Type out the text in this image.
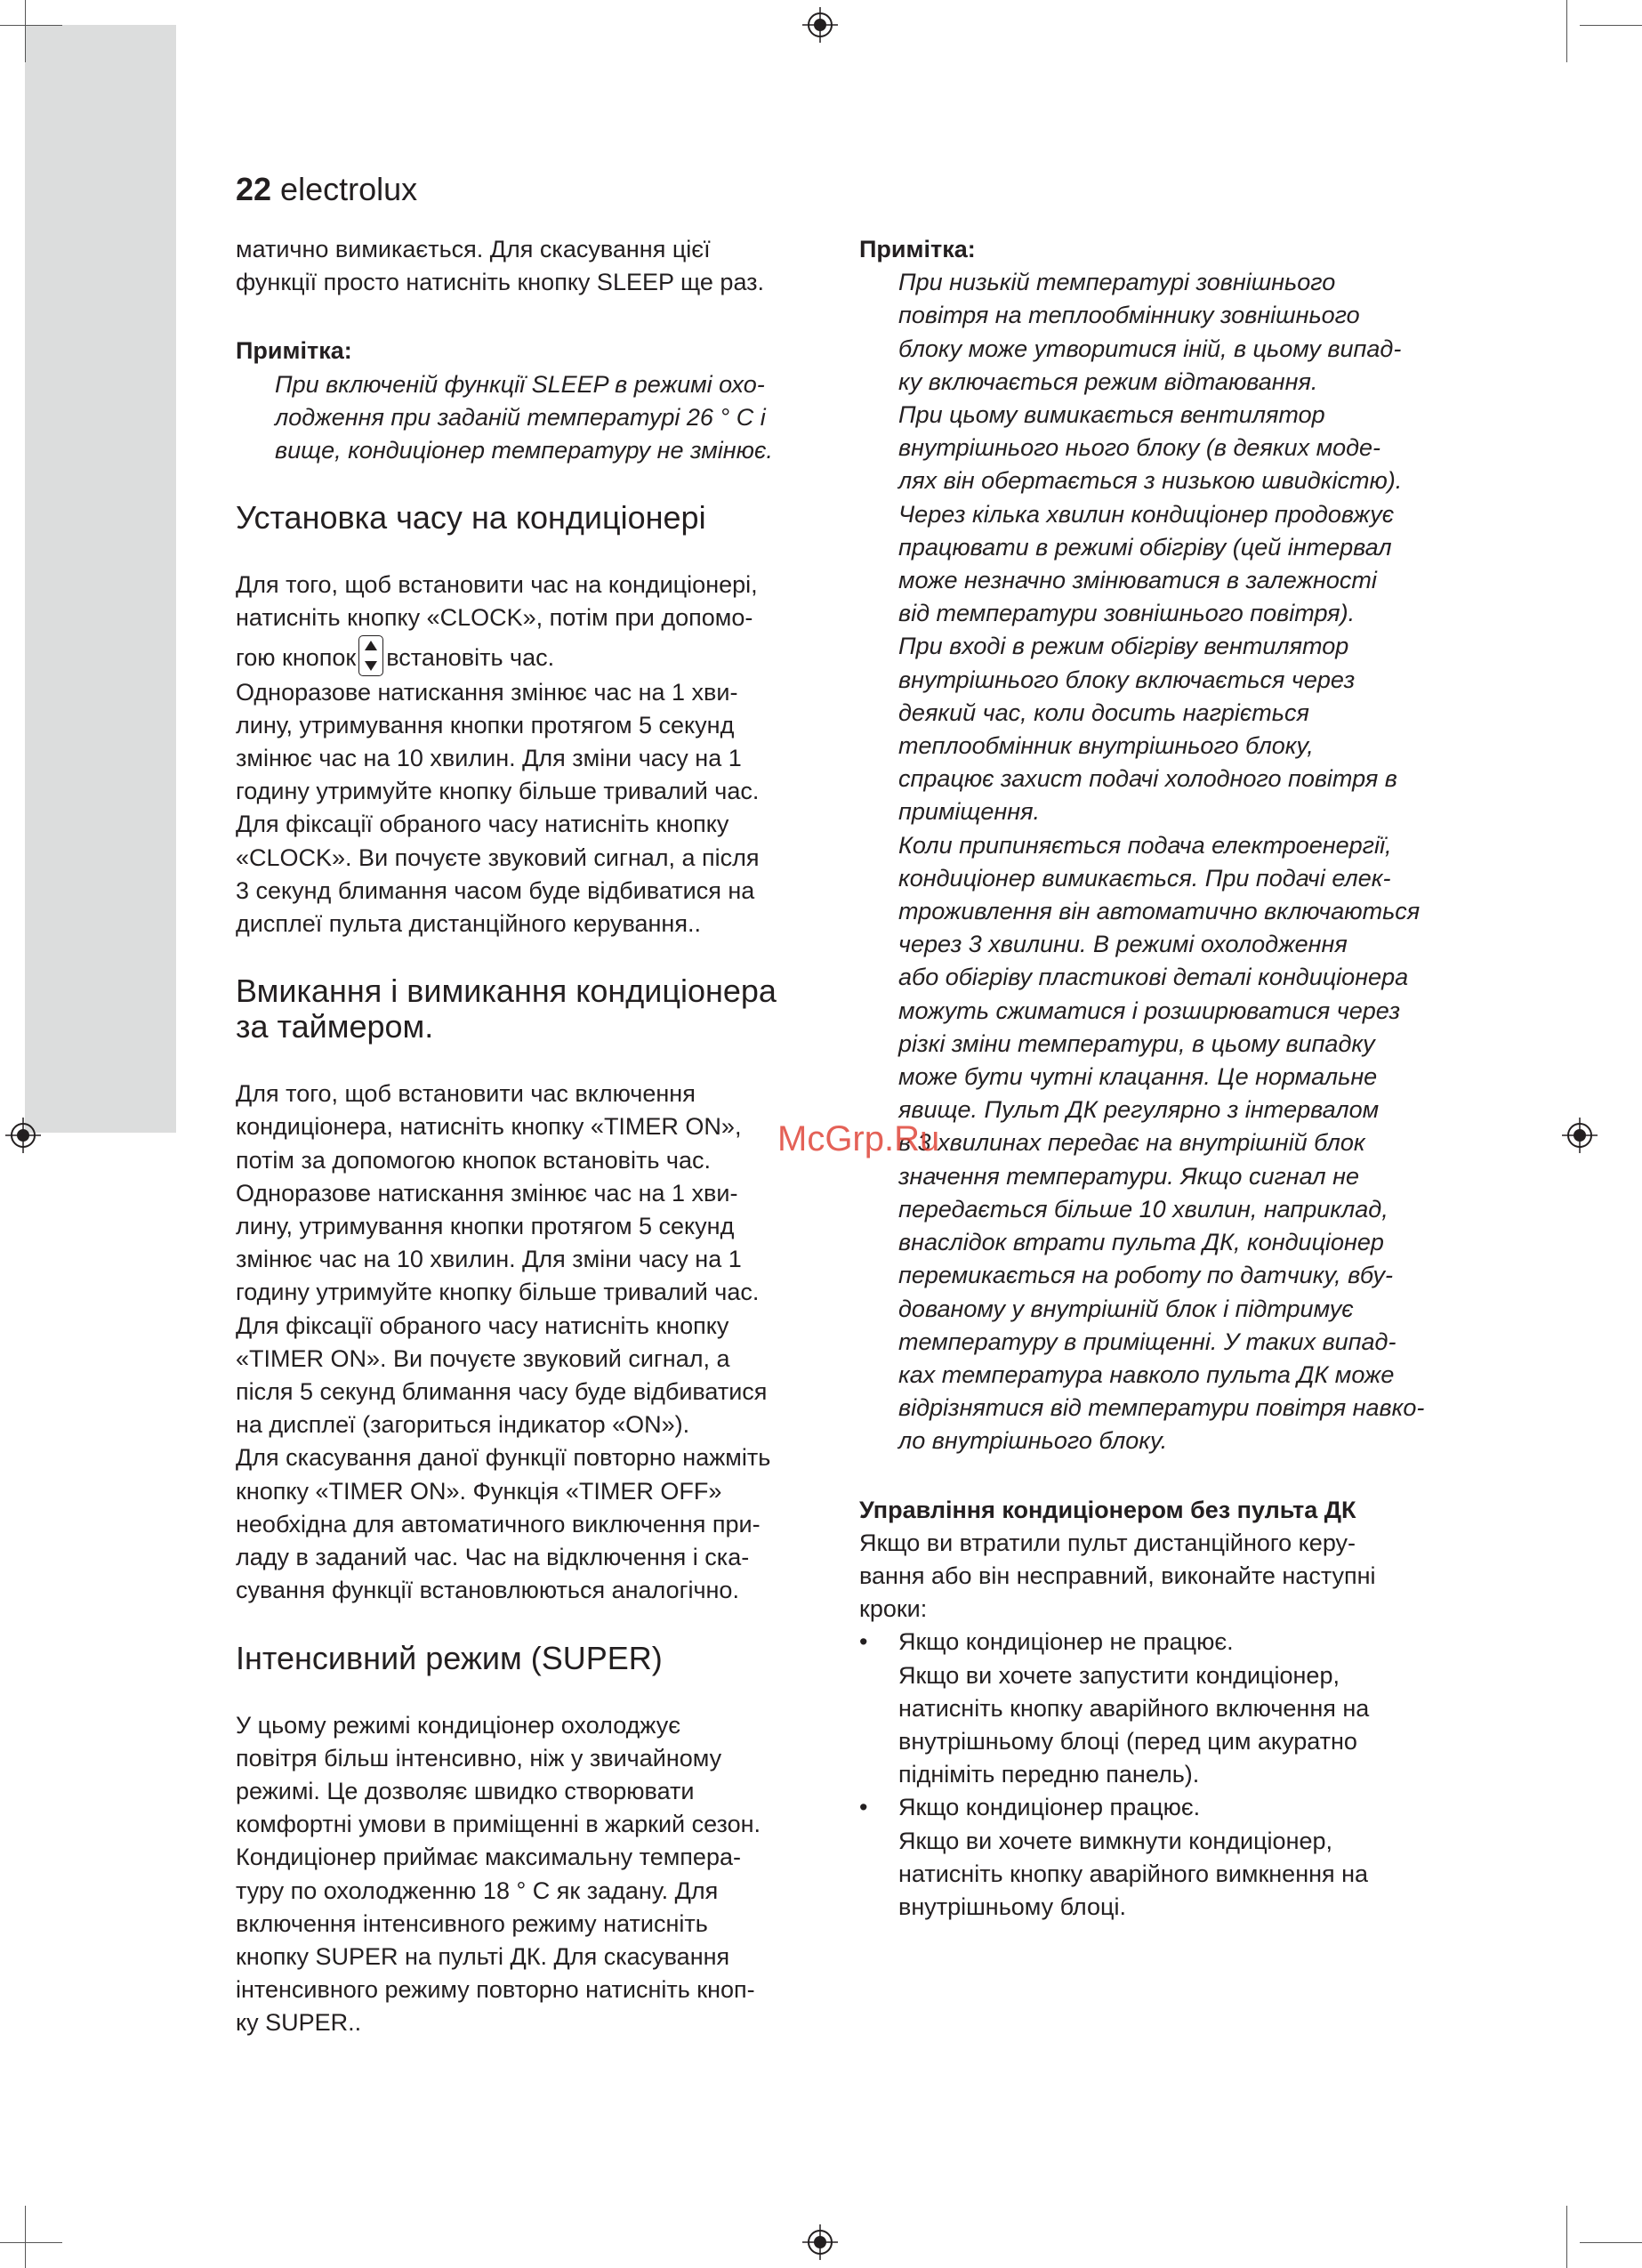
22 electrolux

матично вимикається. Для скасування цієї
функції просто натисніть кнопку SLEEP ще раз.

Примітка:

При включеній функції SLEEP в режимі охо-
лодження при заданій температурі 26 ° С і
вище, кондиціонер температуру не змінює.

Установка часу на кондиціонері

Для того, щоб встановити час на кондиціонері,
натисніть кнопку «CLOCK», потім при допомо-
гою кнопок встановіть час.

Одноразове натискання змінює час на 1 хви-
лину, утримування кнопки протягом 5 секунд
змінює час на 10 хвилин. Для зміни часу на 1
годину утримуйте кнопку більше тривалий час.
Для фіксації обраного часу натисніть кнопку
«CLOCK». Ви почуєте звуковий сигнал, а після
3 секунд блимання часом буде відбиватися на
дисплеї пульта дистанційного керування..

Вмикання і вимикання кондиціонера
за таймером.

Для того, щоб встановити час включення
кондиціонера, натисніть кнопку «TIMER ON»,
потім за допомогою кнопок встановіть час.
Одноразове натискання змінює час на 1 хви-
лину, утримування кнопки протягом 5 секунд
змінює час на 10 хвилин. Для зміни часу на 1
годину утримуйте кнопку більше тривалий час.
Для фіксації обраного часу натисніть кнопку
«TIMER ON». Ви почуєте звуковий сигнал, а
після 5 секунд блимання часу буде відбиватися
на дисплеї (загориться індикатор «ON»).
Для скасування даної функції повторно нажміть
кнопку «TIMER ON». Функція «TIMER OFF»
необхідна для автоматичного виключення при-
ладу в заданий час. Час на відключення і ска-
сування функції встановлюються аналогічно.

Інтенсивний режим (SUPER)

У цьому режимі кондиціонер охолоджує
повітря більш інтенсивно, ніж у звичайному
режимі. Це дозволяє швидко створювати
комфортні умови в приміщенні в жаркий сезон.
Кондиціонер приймає максимальну темпера-
туру по охолодженню 18 ° С як задану. Для
включення інтенсивного режиму натисніть
кнопку SUPER на пульті ДК. Для скасування
інтенсивного режиму повторно натисніть кноп-
ку SUPER..

Примітка:

При низькій температурі зовнішнього
повітря на теплообміннику зовнішнього
блоку може утворитися іній, в цьому випад-
ку включається режим відтаювання.
При цьому вимикається вентилятор
внутрішнього нього блоку (в деяких моде-
лях він обертається з низькою швидкістю).
Через кілька хвилин кондиціонер продовжує
працювати в режимі обігріву (цей інтервал
може незначно змінюватися в залежності
від температури зовнішнього повітря).
При вході в режим обігріву вентилятор
внутрішнього блоку включається через
деякий час, коли досить нагріється
теплообмінник внутрішнього блоку,
спрацює захист подачі холодного повітря в
приміщення.
Коли припиняється подача електроенергії,
кондиціонер вимикається. При подачі елек-
троживлення він автоматично включаються
через 3 хвилини. В режимі охолодження
або обігріву пластикові деталі кондиціонера
можуть сжиматися і розширюватися через
різкі зміни температури, в цьому випадку
може бути чутні клацання. Це нормальне
явище. Пульт ДК регулярно з інтервалом
в 3 хвилинах передає на внутрішній блок
значення температури. Якщо сигнал не
передається більше 10 хвилин, наприклад,
внаслідок втрати пульта ДК, кондиціонер
перемикається на роботу по датчику, вбу-
дованому у внутрішній блок і підтримує
температуру в приміщенні. У таких випад-
ках температура навколо пульта ДК може
відрізнятися від температури повітря навко-
ло внутрішнього блоку.

Управління кондиціонером без пульта ДК

Якщо ви втратили пульт дистанційного керу-
вання або він несправний, виконайте наступні
кроки:

• Якщо кондиціонер не працює.
Якщо ви хочете запустити кондиціонер,
натисніть кнопку аварійного включення на
внутрішньому блоці (перед цим акуратно
підніміть передню панель).

• Якщо кондиціонер працює.
Якщо ви хочете вимкнути кондиціонер,
натисніть кнопку аварійного вимкнення на
внутрішньому блоці.

McGrp.Ru
